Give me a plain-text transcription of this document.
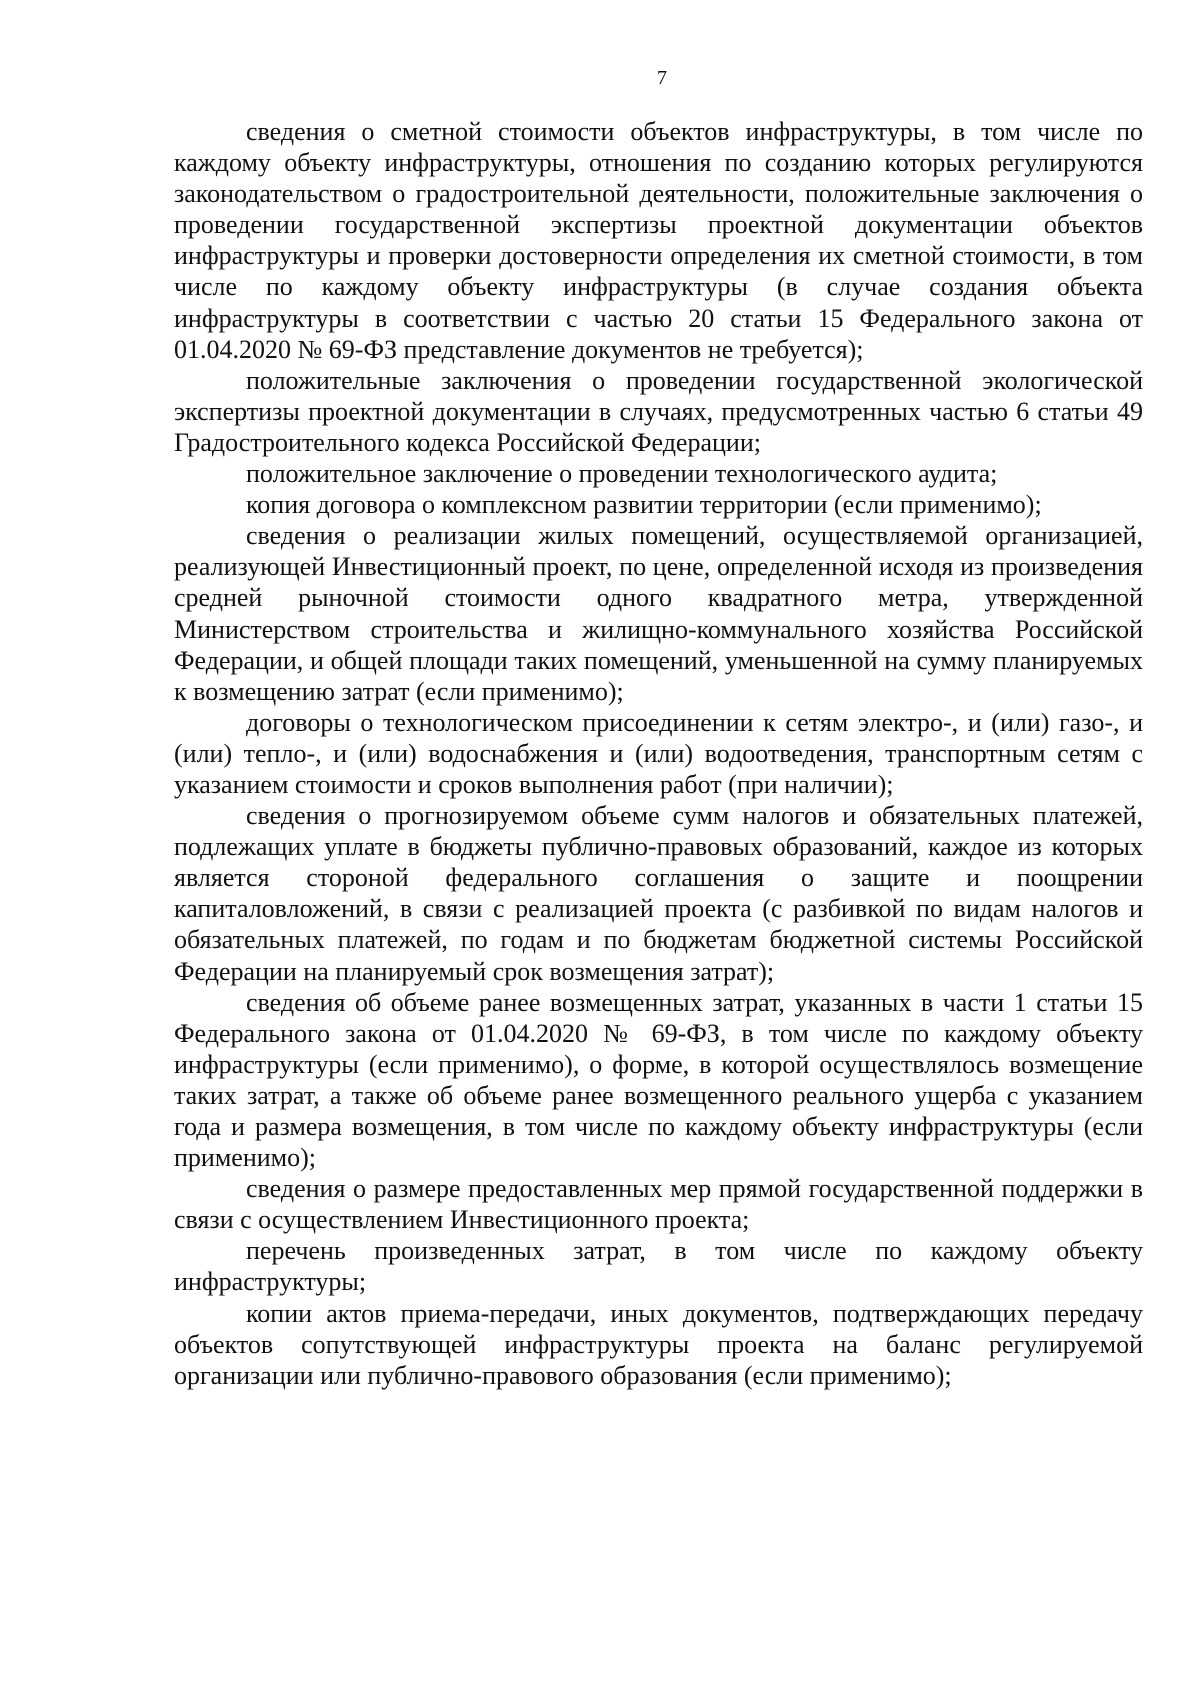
7

сведения о сметной стоимости объектов инфраструктуры, в том числе по каждому объекту инфраструктуры, отношения по созданию которых регулируются законодательством о градостроительной деятельности, положительные заключения о проведении государственной экспертизы проектной документации объектов инфраструктуры и проверки достоверности определения их сметной стоимости, в том числе по каждому объекту инфраструктуры (в случае создания объекта инфраструктуры в соответствии с частью 20 статьи 15 Федерального закона от 01.04.2020 № 69-ФЗ представление документов не требуется);

положительные заключения о проведении государственной экологической экспертизы проектной документации в случаях, предусмотренных частью 6 статьи 49 Градостроительного кодекса Российской Федерации;

положительное заключение о проведении технологического аудита;

копия договора о комплексном развитии территории (если применимо);

сведения о реализации жилых помещений, осуществляемой организацией, реализующей Инвестиционный проект, по цене, определенной исходя из произведения средней рыночной стоимости одного квадратного метра, утвержденной Министерством строительства и жилищно-коммунального хозяйства Российской Федерации, и общей площади таких помещений, уменьшенной на сумму планируемых к возмещению затрат (если применимо);

договоры о технологическом присоединении к сетям электро-, и (или) газо-, и (или) тепло-, и (или) водоснабжения и (или) водоотведения, транспортным сетям с указанием стоимости и сроков выполнения работ (при наличии);

сведения о прогнозируемом объеме сумм налогов и обязательных платежей, подлежащих уплате в бюджеты публично-правовых образований, каждое из которых является стороной федерального соглашения о защите и поощрении капиталовложений, в связи с реализацией проекта (с разбивкой по видам налогов и обязательных платежей, по годам и по бюджетам бюджетной системы Российской Федерации на планируемый срок возмещения затрат);

сведения об объеме ранее возмещенных затрат, указанных в части 1 статьи 15 Федерального закона от 01.04.2020 № 69-ФЗ, в том числе по каждому объекту инфраструктуры (если применимо), о форме, в которой осуществлялось возмещение таких затрат, а также об объеме ранее возмещенного реального ущерба с указанием года и размера возмещения, в том числе по каждому объекту инфраструктуры (если применимо);

сведения о размере предоставленных мер прямой государственной поддержки в связи с осуществлением Инвестиционного проекта;

перечень произведенных затрат, в том числе по каждому объекту инфраструктуры;

копии актов приема-передачи, иных документов, подтверждающих передачу объектов сопутствующей инфраструктуры проекта на баланс регулируемой организации или публично-правового образования (если применимо);
